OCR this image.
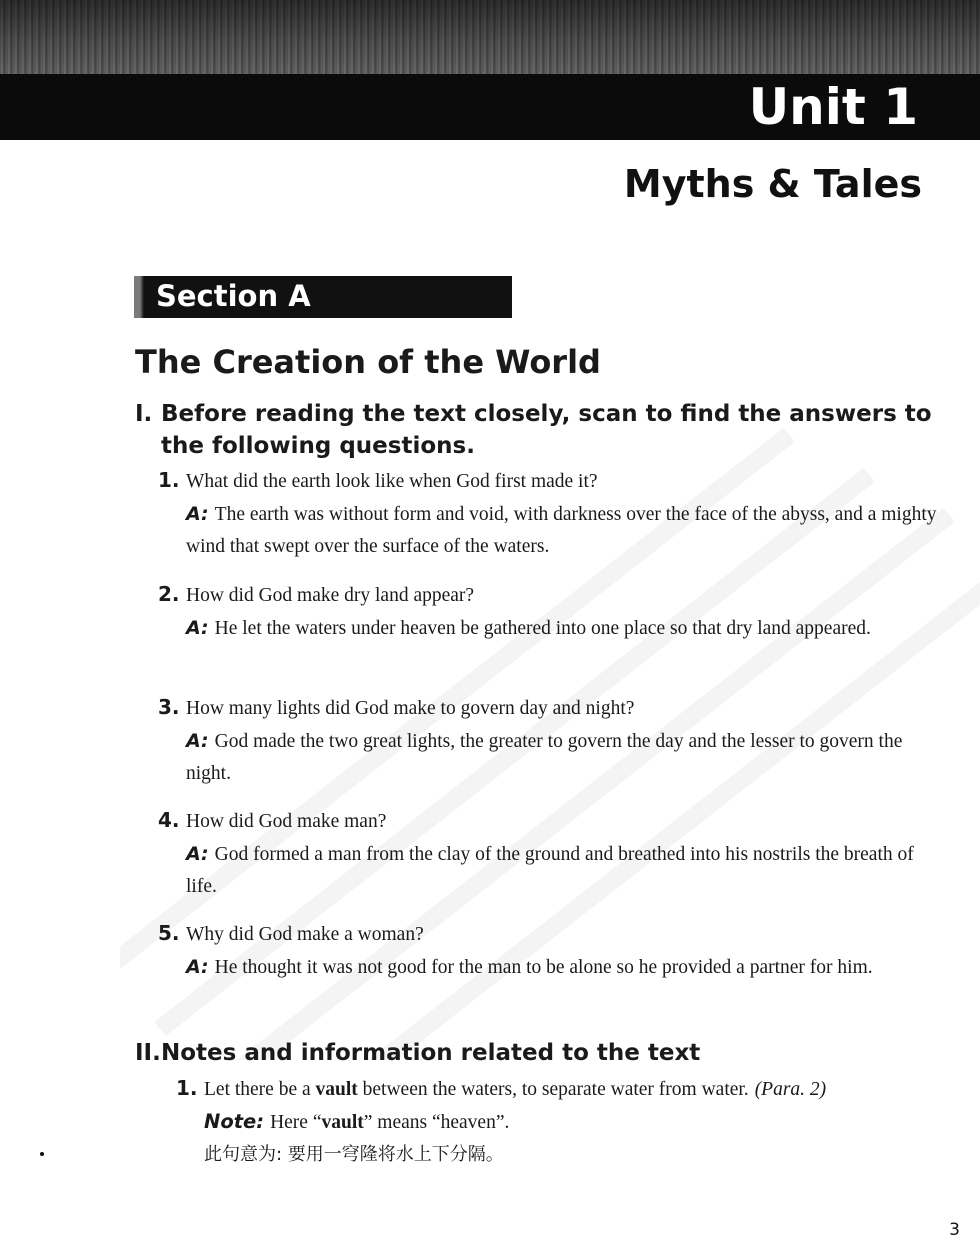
Unit 1
Myths & Tales
Section A
The Creation of the World
I. Before reading the text closely, scan to find the answers to
the following questions.
1. What did the earth look like when God first made it?
A: The earth was without form and void, with darkness over the face of the abyss, and a mighty wind that swept over the surface of the waters.
2. How did God make dry land appear?
A: He let the waters under heaven be gathered into one place so that dry land appeared.
3. How many lights did God make to govern day and night?
A: God made the two great lights, the greater to govern the day and the lesser to govern the night.
4. How did God make man?
A: God formed a man from the clay of the ground and breathed into his nostrils the breath of life.
5. Why did God make a woman?
A: He thought it was not good for the man to be alone so he provided a partner for him.
II.Notes and information related to the text
1. Let there be a vault between the waters, to separate water from water. (Para. 2)
Note: Here “vault” means “heaven”.
此句意为: 要用一穹隆将水上下分隔。

3
